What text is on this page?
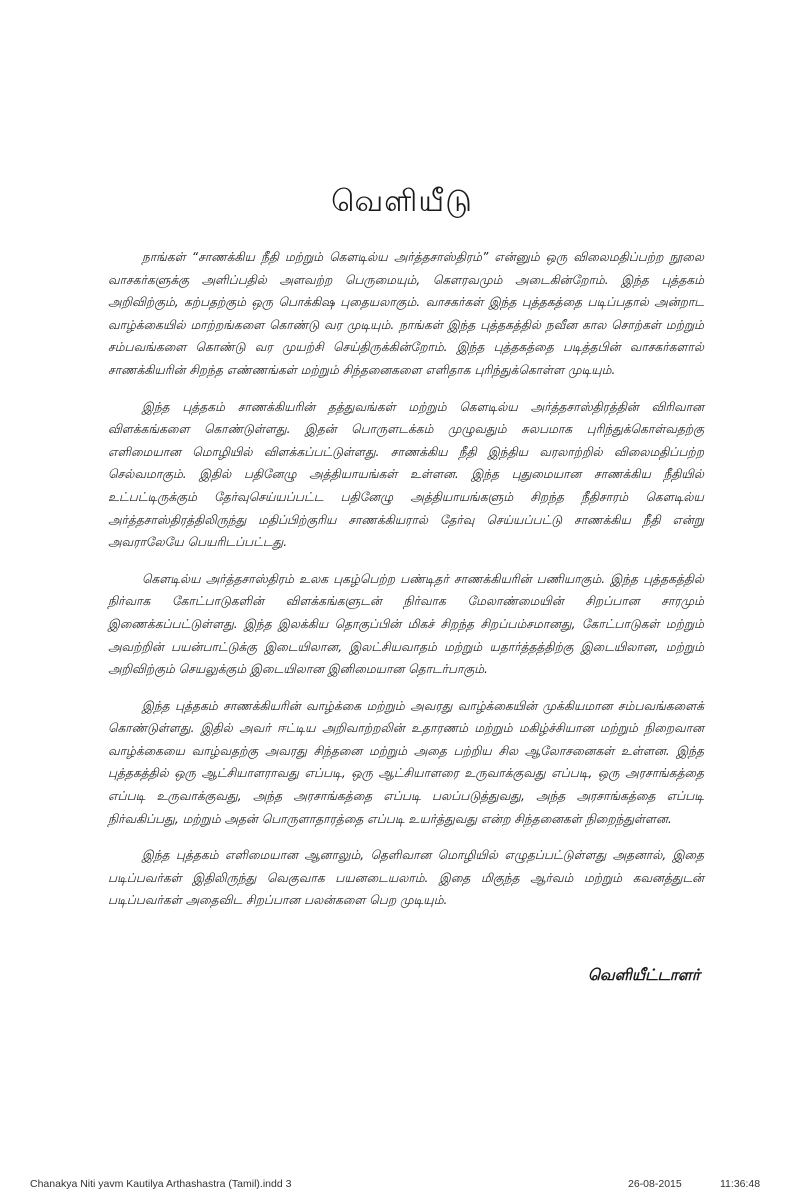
வெளியீடு

நாங்கள் “சாணக்கிய நீதி மற்றும் கௌடில்ய அர்த்தசாஸ்திரம்” என்னும் ஒரு விலைமதிப்பற்ற நூலை வாசகர்களுக்கு அளிப்பதில் அளவற்ற பெருமையும், கௌரவமும் அடைகின்றோம். இந்த புத்தகம் அறிவிற்கும், கற்பதற்கும் ஒரு பொக்கிஷ புதையலாகும். வாசகர்கள் இந்த புத்தகத்தை படிப்பதால் அன்றாட வாழ்க்கையில் மாற்றங்களை கொண்டு வர முடியும். நாங்கள் இந்த புத்தகத்தில் நவீன கால சொற்கள் மற்றும் சம்பவங்களை கொண்டு வர முயற்சி செய்திருக்கின்றோம். இந்த புத்தகத்தை படித்தபின் வாசகர்களால் சாணக்கியரின் சிறந்த எண்ணங்கள் மற்றும் சிந்தனைகளை எளிதாக புரிந்துக்கொள்ள முடியும்.

இந்த புத்தகம் சாணக்கியரின் தத்துவங்கள் மற்றும் கௌடில்ய அர்த்தசாஸ்திரத்தின் விரிவான விளக்கங்களை கொண்டுள்ளது. இதன் பொருளடக்கம் முழுவதும் சுலபமாக புரிந்துக்கொள்வதற்கு எளிமையான மொழியில் விளக்கப்பட்டுள்ளது. சாணக்கிய நீதி இந்திய வரலாற்றில் விலைமதிப்பற்ற செல்வமாகும். இதில் பதினேழு அத்தியாயங்கள் உள்ளன. இந்த புதுமையான சாணக்கிய நீதியில் உட்பட்டிருக்கும் தேர்வுசெய்யப்பட்ட பதினேழு அத்தியாயங்களும் சிறந்த நீதிசாரம் கௌடில்ய அர்த்தசாஸ்திரத்திலிருந்து மதிப்பிற்குரிய சாணக்கியரால் தேர்வு செய்யப்பட்டு சாணக்கிய நீதி என்று அவராலேயே பெயரிடப்பட்டது.

கௌடில்ய அர்த்தசாஸ்திரம் உலக புகழ்பெற்ற பண்டிதர் சாணக்கியரின் பணியாகும். இந்த புத்தகத்தில் நிர்வாக கோட்பாடுகளின் விளக்கங்களுடன் நிர்வாக மேலாண்மையின் சிறப்பான சாரமும் இணைக்கப்பட்டுள்ளது. இந்த இலக்கிய தொகுப்பின் மிகச் சிறந்த சிறப்பம்சமானது, கோட்பாடுகள் மற்றும் அவற்றின் பயன்பாட்டுக்கு இடையிலான, இலட்சியவாதம் மற்றும் யதார்த்தத்திற்கு இடையிலான, மற்றும் அறிவிற்கும் செயலுக்கும் இடையிலான இனிமையான தொடர்பாகும்.

இந்த புத்தகம் சாணக்கியரின் வாழ்க்கை மற்றும் அவரது வாழ்க்கையின் முக்கியமான சம்பவங்களைக் கொண்டுள்ளது. இதில் அவர் ஈட்டிய அறிவாற்றலின் உதாரணம் மற்றும் மகிழ்ச்சியான மற்றும் நிறைவான வாழ்க்கையை வாழ்வதற்கு அவரது சிந்தனை மற்றும் அதை பற்றிய சில ஆலோசனைகள் உள்ளன. இந்த புத்தகத்தில் ஒரு ஆட்சியாளராவது எப்படி, ஒரு ஆட்சியாளரை உருவாக்குவது எப்படி, ஒரு அரசாங்கத்தை எப்படி உருவாக்குவது, அந்த அரசாங்கத்தை எப்படி பலப்படுத்துவது, அந்த அரசாங்கத்தை எப்படி நிர்வகிப்பது, மற்றும் அதன் பொருளாதாரத்தை எப்படி உயர்த்துவது என்ற சிந்தனைகள் நிறைந்துள்ளன.

இந்த புத்தகம் எளிமையான ஆனாலும், தெளிவான மொழியில் எழுதப்பட்டுள்ளது அதனால், இதை படிப்பவர்கள் இதிலிருந்து வெகுவாக பயனடையலாம். இதை மிகுந்த ஆர்வம் மற்றும் கவனத்துடன் படிப்பவர்கள் அதைவிட சிறப்பான பலன்களை பெற முடியும்.

வெளியீட்டாளர்

Chanakya Niti yavm Kautilya Arthashastra (Tamil).indd 3	26-08-2015	11:36:48
